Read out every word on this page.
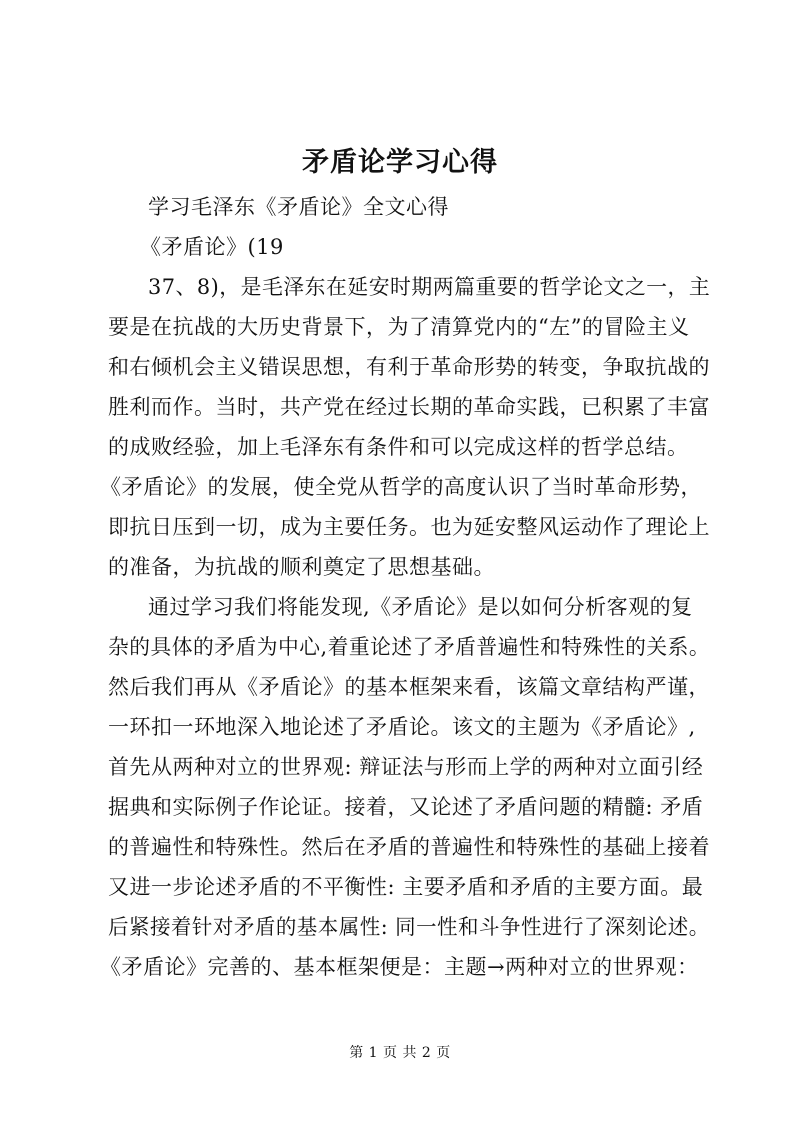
矛盾论学习心得
学习毛泽东《矛盾论》全文心得
《矛盾论》(19
37、8)，是毛泽东在延安时期两篇重要的哲学论文之一，主
要是在抗战的大历史背景下，为了清算党内的“左”的冒险主义
和右倾机会主义错误思想，有利于革命形势的转变，争取抗战的
胜利而作。当时，共产党在经过长期的革命实践，已积累了丰富
的成败经验，加上毛泽东有条件和可以完成这样的哲学总结。
《矛盾论》的发展，使全党从哲学的高度认识了当时革命形势，
即抗日压到一切，成为主要任务。也为延安整风运动作了理论上
的准备，为抗战的顺利奠定了思想基础。
通过学习我们将能发现,《矛盾论》是以如何分析客观的复
杂的具体的矛盾为中心,着重论述了矛盾普遍性和特殊性的关系。
然后我们再从《矛盾论》的基本框架来看，该篇文章结构严谨，
一环扣一环地深入地论述了矛盾论。该文的主题为《矛盾论》,
首先从两种对立的世界观: 辩证法与形而上学的两种对立面引经
据典和实际例子作论证。接着，又论述了矛盾问题的精髓: 矛盾
的普遍性和特殊性。然后在矛盾的普遍性和特殊性的基础上接着
又进一步论述矛盾的不平衡性: 主要矛盾和矛盾的主要方面。最
后紧接着针对矛盾的基本属性: 同一性和斗争性进行了深刻论述。
《矛盾论》完善的、基本框架便是：主题→两种对立的世界观：
第 1 页 共 2 页
